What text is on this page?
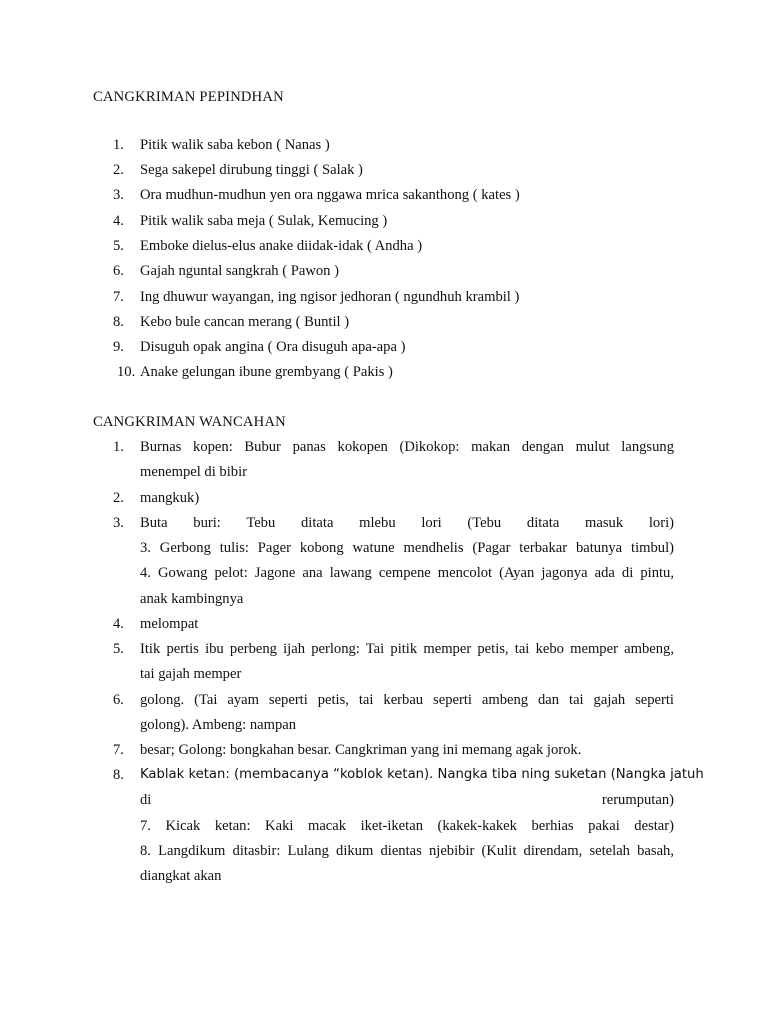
CANGKRIMAN PEPINDHAN
1.	Pitik walik saba kebon ( Nanas )
2.	Sega sakepel dirubung tinggi ( Salak )
3.	Ora mudhun-mudhun yen ora nggawa mrica sakanthong ( kates )
4.	Pitik walik saba meja ( Sulak, Kemucing )
5.	Emboke dielus-elus anake diidak-idak ( Andha )
6.	Gajah nguntal sangkrah ( Pawon )
7.	Ing dhuwur wayangan, ing ngisor jedhoran ( ngundhuh krambil )
8.	Kebo bule cancan merang ( Buntil )
9.	Disuguh opak angina ( Ora disuguh apa-apa )
10. Anake gelungan ibune grembyang ( Pakis )
CANGKRIMAN WANCAHAN
1.	Burnas kopen: Bubur panas kokopen (Dikokop: makan dengan mulut langsung
menempel di bibir
2.	mangkuk)
3.	Buta buri: Tebu ditata mlebu lori (Tebu ditata masuk lori)
3. Gerbong tulis: Pager kobong watune mendhelis (Pagar terbakar batunya timbul)
4. Gowang pelot: Jagone ana lawang cempene mencolot (Ayan jagonya ada di pintu,
anak kambingnya
4.	melompat
5.	Itik pertis ibu perbeng ijah perlong: Tai pitik memper petis, tai kebo memper ambeng,
tai gajah memper
6.	golong. (Tai ayam seperti petis, tai kerbau seperti ambeng dan tai gajah seperti
golong). Ambeng: nampan
7.	besar; Golong: bongkahan besar. Cangkriman yang ini memang agak jorok.
8.	Kablak ketan: (membacanya “koblok ketan). Nangka tiba ning suketan (Nangka jatuh
di rerumputan)
7. Kicak ketan: Kaki macak iket-iketan (kakek-kakek berhias pakai destar)
8. Langdikum ditasbir: Lulang dikum dientas njebibir (Kulit direndam, setelah basah,
diangkat akan
